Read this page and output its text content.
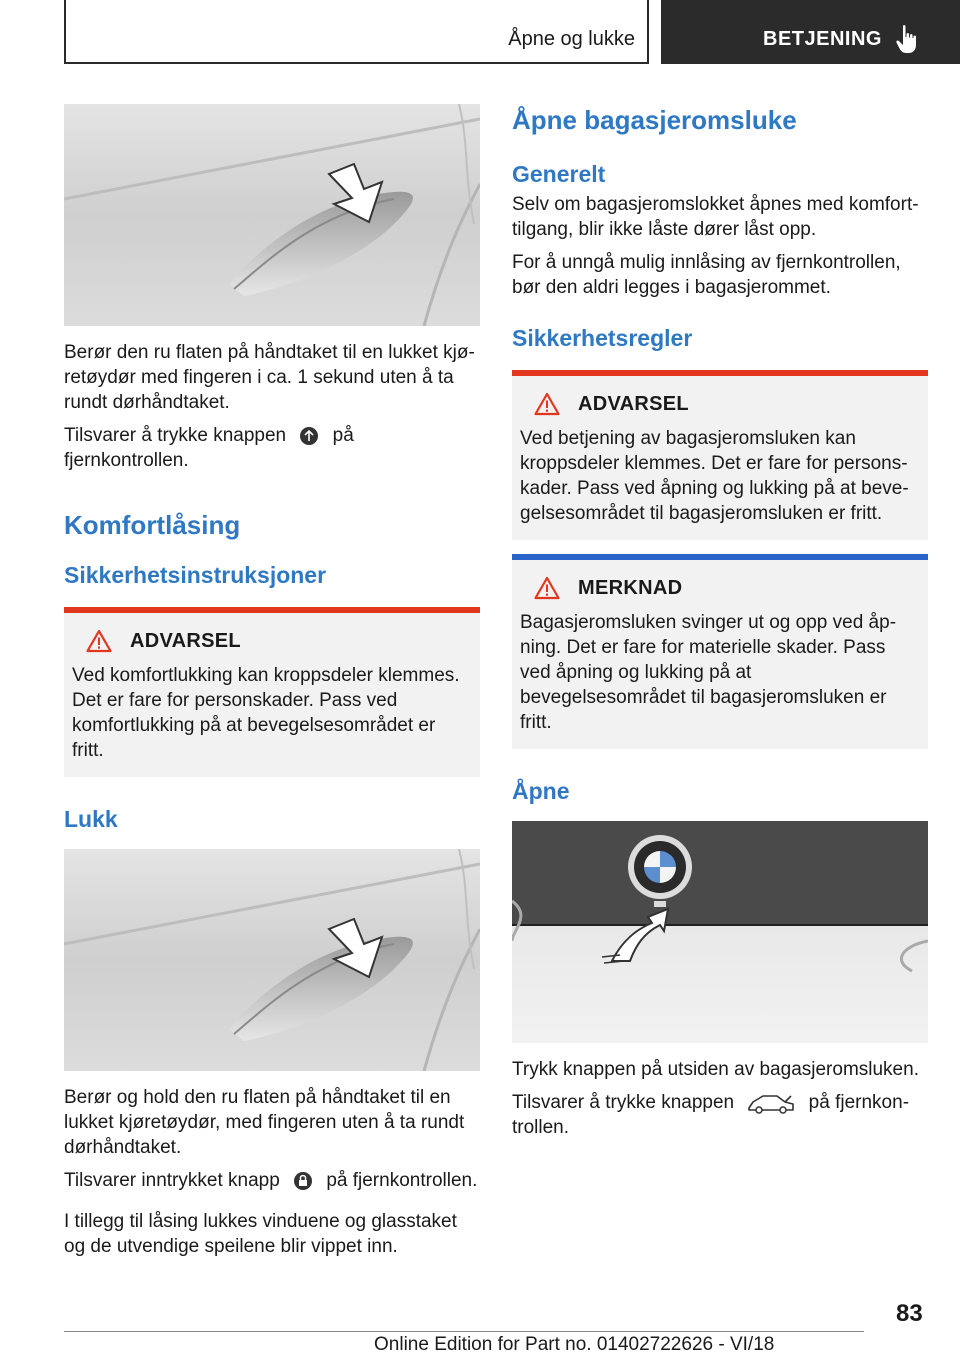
Åpne og lukke	BETJENING

Berør den ru flaten på håndtaket til en lukket kjøretøydør med fingeren i ca. 1 sekund uten å ta rundt dørhåndtaket.

Tilsvarer å trykke knappen på fjernkontrollen.

Komfortlåsing
Sikkerhetsinstruksjoner
ADVARSEL

Ved komfortlukking kan kroppsdeler klemmes. Det er fare for personskader. Pass ved komfortlukking på at bevegelsesområdet er fritt.

Lukk

Berør og hold den ru flaten på håndtaket til en lukket kjøretøydør, med fingeren uten å ta rundt dørhåndtaket.

Tilsvarer inntrykket knapp på fjernkontrollen.

I tillegg til låsing lukkes vinduene og glasstaket og de utvendige speilene blir vippet inn.

Åpne bagasjeromsluke
Generelt

Selv om bagasjeromslokket åpnes med komforttilgang, blir ikke låste dører låst opp.

For å unngå mulig innlåsing av fjernkontrollen, bør den aldri legges i bagasjerommet.

Sikkerhetsregler
ADVARSEL

Ved betjening av bagasjeromsluken kan kroppsdeler klemmes. Det er fare for personskader. Pass ved åpning og lukking på at bevegelsesområdet til bagasjeromsluken er fritt.

MERKNAD

Bagasjeromsluken svinger ut og opp ved åpning. Det er fare for materielle skader. Pass ved åpning og lukking på at bevegelsesområdet til bagasjeromsluken er fritt.

Åpne

Trykk knappen på utsiden av bagasjeromsluken.

Tilsvarer å trykke knappen	på fjernkontrollen.

83
Online Edition for Part no. 01402722626 - VI/18
